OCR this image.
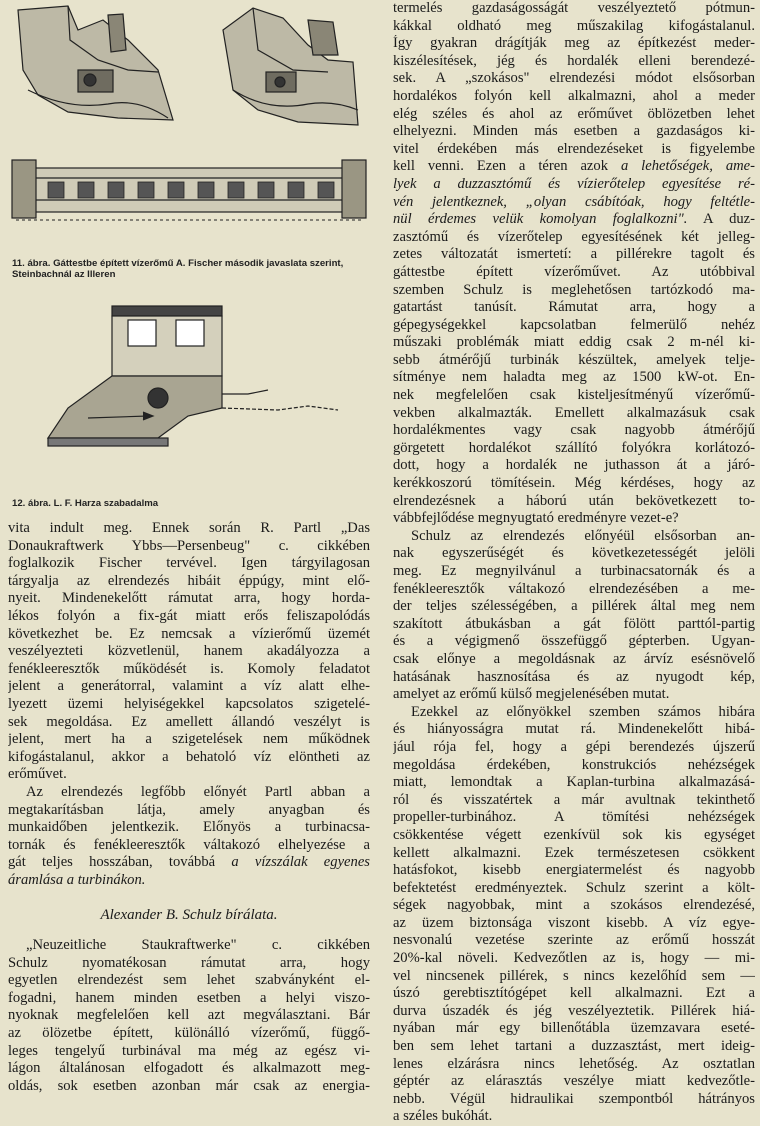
11. ábra. Gáttestbe épített vízerőmű A. Fischer második javaslata szerint, Steinbachnál az Illeren
12. ábra. L. F. Harza szabadalma

vita indult meg. Ennek során R. Partl „Das
Donaukraftwerk Ybbs—Persenbeug" c. cikkében
foglalkozik Fischer tervével. Igen tárgyilagosan
tárgyalja az elrendezés hibáit éppúgy, mint elő-
nyeit. Mindenekelőtt rámutat arra, hogy horda-
lékos folyón a fix-gát miatt erős feliszapolódás
következhet be. Ez nemcsak a vízierőmű üzemét
veszélyezteti közvetlenül, hanem akadályozza a
fenékleeresztők működését is. Komoly feladatot
jelent a generátorral, valamint a víz alatt elhe-
lyezett üzemi helyiségekkel kapcsolatos szigetelé-
sek megoldása. Ez amellett állandó veszélyt is
jelent, mert ha a szigetelések nem működnek
kifogástalanul, akkor a behatoló víz elöntheti az
erőművet.

Az elrendezés legfőbb előnyét Partl abban a

megtakarításban látja, amely anyagban és
munkaidőben jelentkezik. Előnyös a turbinacsa-
tornák és fenékleeresztők váltakozó elhelyezése a
gát teljes hosszában, továbbá a vízszálak egyenes
áramlása a turbinákon.

Alexander B. Schulz bírálata.

„Neuzeitliche Staukraftwerke" c. cikkében

Schulz nyomatékosan rámutat arra, hogy
egyetlen elrendezést sem lehet szabványként el-
fogadni, hanem minden esetben a helyi viszo-
nyoknak megfelelően kell azt megválasztani. Bár
az ölözetbe épített, különálló vízerőmű, függő-
leges tengelyű turbinával ma még az egész vi-
lágon általánosan elfogadott és alkalmazott meg-
oldás, sok esetben azonban már csak az energia-

termelés gazdaságosságát veszélyeztető pótmun-
kákkal oldható meg műszakilag kifogástalanul.
Így gyakran drágítják meg az építkezést meder-
kiszélesítések, jég és hordalék elleni berendezé-
sek. A „szokásos" elrendezési módot elsősorban
hordalékos folyón kell alkalmazni, ahol a meder
elég széles és ahol az erőművet öblözetben lehet
elhelyezni. Minden más esetben a gazdaságos ki-
vitel érdekében más elrendezéseket is figyelembe
kell venni. Ezen a téren azok a lehetőségek, ame-
lyek a duzzasztómű és vízierőtelep egyesítése ré-
vén jelentkeznek, „olyan csábítóak, hogy feltétle-
nül érdemes velük komolyan foglalkozni". A duz-
zasztómű és vízerőtelep egyesítésének két jelleg-
zetes változatát ismertetí: a pillérekre tagolt és
gáttestbe épített vízerőművet. Az utóbbival
szemben Schulz is meglehetősen tartózkodó ma-
gatartást tanúsít. Rámutat arra, hogy a
gépegységekkel kapcsolatban felmerülő nehéz
műszaki problémák miatt eddig csak 2 m-nél ki-
sebb átmérőjű turbinák készültek, amelyek telje-
sítménye nem haladta meg az 1500 kW-ot. En-
nek megfelelően csak kisteljesítményű vízerőmű-
vekben alkalmazták. Emellett alkalmazásuk csak
hordalékmentes vagy csak nagyobb átmérőjű
görgetett hordalékot szállító folyókra korlátozó-
dott, hogy a hordalék ne juthasson át a járó-
kerékkoszorú tömítésein. Még kérdéses, hogy az
elrendezésnek a háború után bekövetkezett to-
vábbfejlődése megnyugtató eredményre vezet-e?

Schulz az elrendezés előnyéül elsősorban an-
nak egyszerűségét és következetességét jelöli
meg. Ez megnyilvánul a turbinacsatornák és a
fenékleeresztők váltakozó elrendezésében a me-
der teljes szélességében, a pillérek által meg nem
szakított átbukásban a gát fölött parttól-partig
és a végigmenő összefüggő gépterben. Ugyan-
csak előnye a megoldásnak az árvíz esésnövelő
hatásának hasznosítása és az nyugodt kép,
amelyet az erőmű külső megjelenésében mutat.

Ezekkel az előnyökkel szemben számos hibára
és hiányosságra mutat rá. Mindenekelőtt hibá-
jául rója fel, hogy a gépi berendezés újszerű
megoldása érdekében, konstrukciós nehézségek
miatt, lemondtak a Kaplan-turbina alkalmazásá-
ról és visszatértek a már avultnak tekinthető
propeller-turbinához. A tömítési nehézségek
csökkentése végett ezenkívül sok kis egységet
kellett alkalmazni. Ezek természetesen csökkent
hatásfokot, kisebb energiatermelést és nagyobb
befektetést eredményeztek. Schulz szerint a költ-
ségek nagyobbak, mint a szokásos elrendezésé,
az üzem biztonsága viszont kisebb. A víz egye-
nesvonalú vezetése szerinte az erőmű hosszát
20%-kal növeli. Kedvezőtlen az is, hogy — mi-
vel nincsenek pillérek, s nincs kezelőhíd sem —
úszó gerebtisztítógépet kell alkalmazni. Ezt a
durva úszadék és jég veszélyeztetik. Pillérek hiá-
nyában már egy billenőtábla üzemzavara eseté-
ben sem lehet tartani a duzzasztást, mert ideig-
lenes elzárásra nincs lehetőség. Az osztatlan
géptér az elárasztás veszélye miatt kedvezőtle-
nebb. Végül hidraulikai szempontból hátrányos
a széles bukóhát.
